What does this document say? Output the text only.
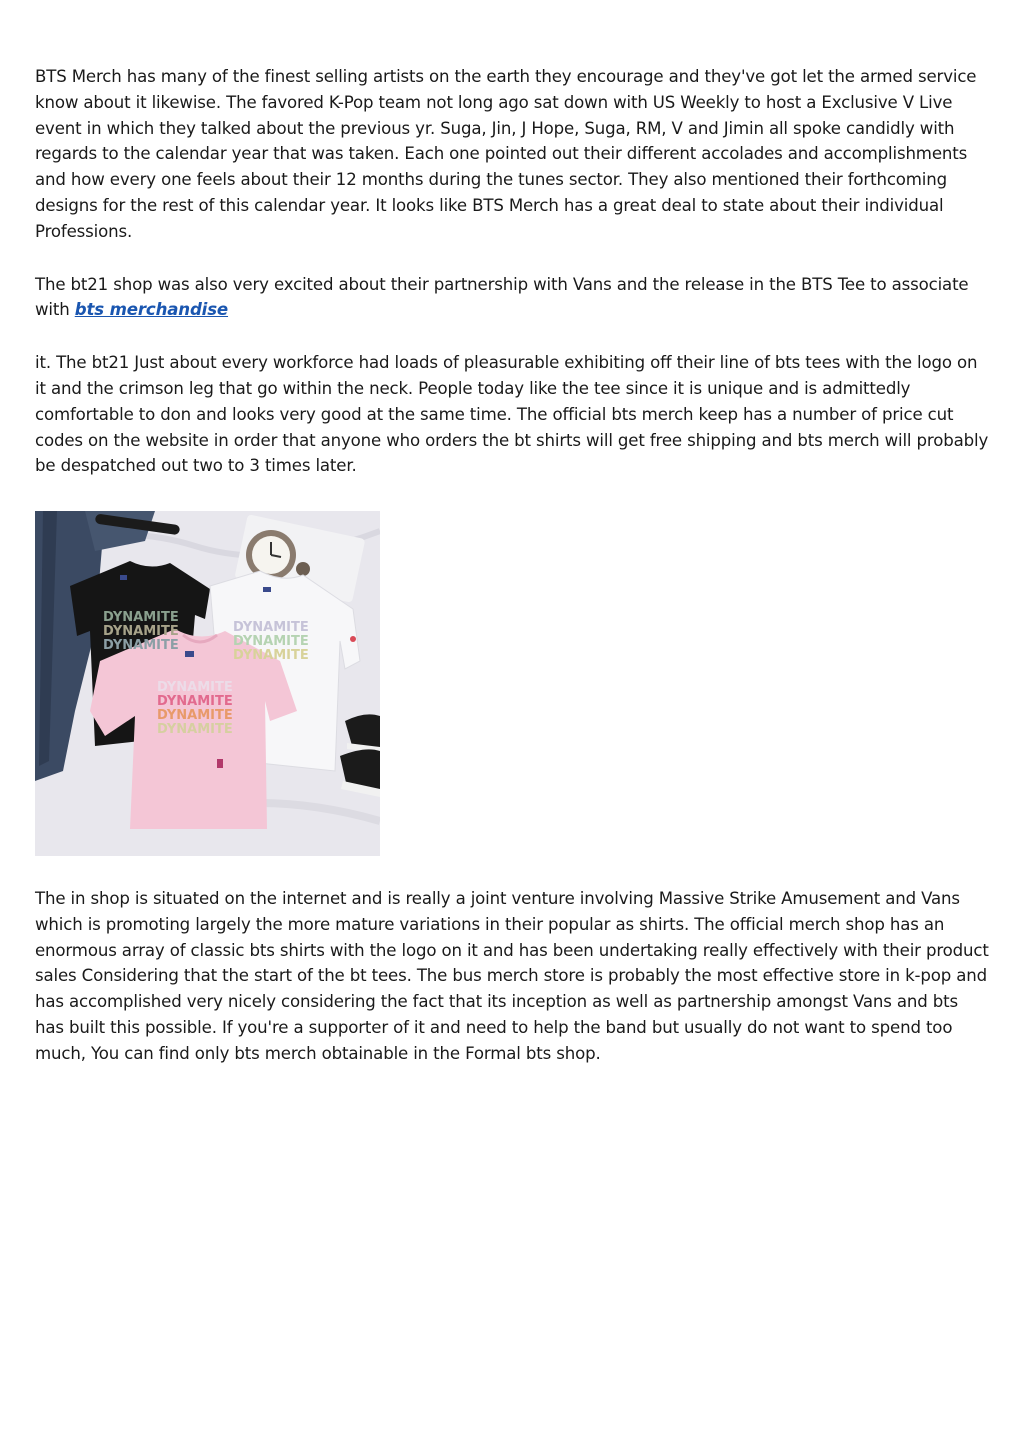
BTS Merch has many of the finest selling artists on the earth they encourage and they've got let the armed service know about it likewise. The favored K-Pop team not long ago sat down with US Weekly to host a Exclusive V Live event in which they talked about the previous yr. Suga, Jin, J Hope, Suga, RM, V and Jimin all spoke candidly with regards to the calendar year that was taken. Each one pointed out their different accolades and accomplishments and how every one feels about their 12 months during the tunes sector. They also mentioned their forthcoming designs for the rest of this calendar year. It looks like BTS Merch has a great deal to state about their individual Professions.

The bt21 shop was also very excited about their partnership with Vans and the release in the BTS Tee to associate with bts merchandise

it. The bt21 Just about every workforce had loads of pleasurable exhibiting off their line of bts tees with the logo on it and the crimson leg that go within the neck. People today like the tee since it is unique and is admittedly comfortable to don and looks very good at the same time. The official bts merch keep has a number of price cut codes on the website in order that anyone who orders the bt shirts will get free shipping and bts merch will probably be despatched out two to 3 times later.

DYNAMITE
DYNAMITE
DYNAMITE
DYNAMITE
DYNAMITE
DYNAMITE
DYNAMITE
DYNAMITE
DYNAMITE
DYNAMITE

The in shop is situated on the internet and is really a joint venture involving Massive Strike Amusement and Vans which is promoting largely the more mature variations in their popular as shirts. The official merch shop has an enormous array of classic bts shirts with the logo on it and has been undertaking really effectively with their product sales Considering that the start of the bt tees. The bus merch store is probably the most effective store in k-pop and has accomplished very nicely considering the fact that its inception as well as partnership amongst Vans and bts has built this possible. If you're a supporter of it and need to help the band but usually do not want to spend too much, You can find only bts merch obtainable in the Formal bts shop.
